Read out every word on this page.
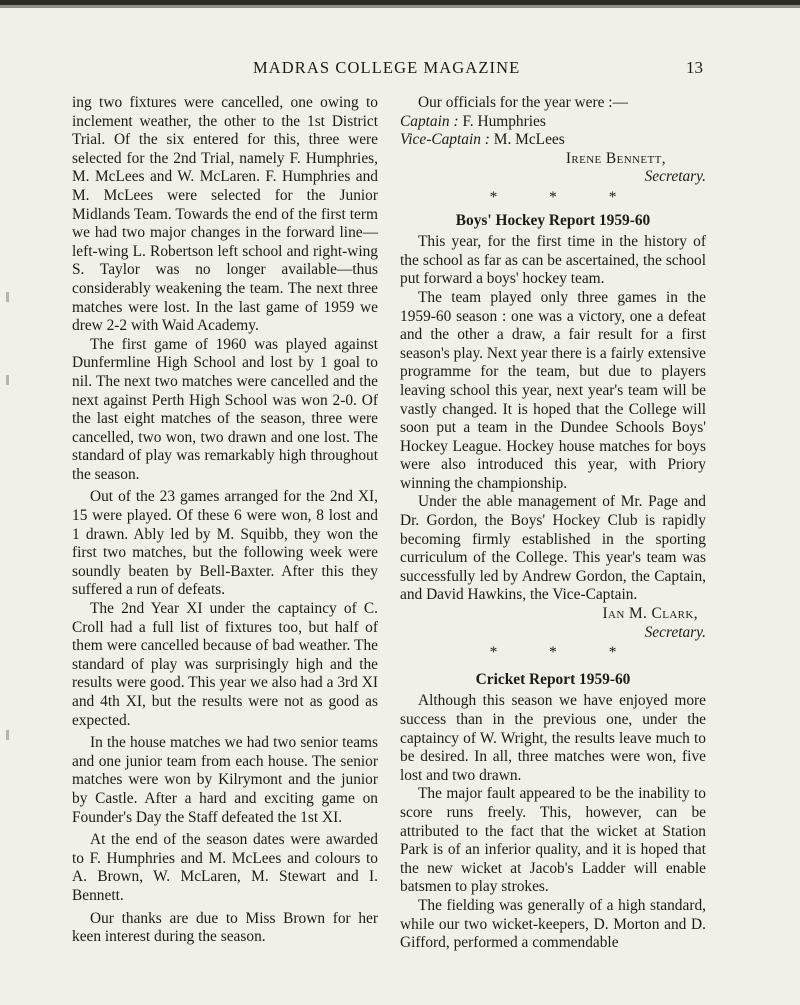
MADRAS COLLEGE MAGAZINE	13

ing two fixtures were cancelled, one owing to inclement weather, the other to the 1st District Trial. Of the six entered for this, three were selected for the 2nd Trial, namely F. Humphries, M. McLees and W. McLaren. F. Humphries and M. McLees were selected for the Junior Midlands Team. Towards the end of the first term we had two major changes in the forward line—left-wing L. Robertson left school and right-wing S. Taylor was no longer available—thus considerably weakening the team. The next three matches were lost. In the last game of 1959 we drew 2-2 with Waid Academy.

The first game of 1960 was played against Dunfermline High School and lost by 1 goal to nil. The next two matches were cancelled and the next against Perth High School was won 2-0. Of the last eight matches of the season, three were cancelled, two won, two drawn and one lost. The standard of play was remarkably high throughout the season.

Out of the 23 games arranged for the 2nd XI, 15 were played. Of these 6 were won, 8 lost and 1 drawn. Ably led by M. Squibb, they won the first two matches, but the following week were soundly beaten by Bell-Baxter. After this they suffered a run of defeats.

The 2nd Year XI under the captaincy of C. Croll had a full list of fixtures too, but half of them were cancelled because of bad weather. The standard of play was surprisingly high and the results were good. This year we also had a 3rd XI and 4th XI, but the results were not as good as expected.

In the house matches we had two senior teams and one junior team from each house. The senior matches were won by Kilrymont and the junior by Castle. After a hard and exciting game on Founder's Day the Staff defeated the 1st XI.

At the end of the season dates were awarded to F. Humphries and M. McLees and colours to A. Brown, W. McLaren, M. Stewart and I. Bennett.

Our thanks are due to Miss Brown for her keen interest during the season.

Our officials for the year were :—

Captain : F. Humphries
Vice-Captain : M. McLees
Irene Bennett,
Secretary.
* * *
Boys' Hockey Report 1959-60

This year, for the first time in the history of the school as far as can be ascertained, the school put forward a boys' hockey team.

The team played only three games in the 1959-60 season : one was a victory, one a defeat and the other a draw, a fair result for a first season's play. Next year there is a fairly extensive programme for the team, but due to players leaving school this year, next year's team will be vastly changed. It is hoped that the College will soon put a team in the Dundee Schools Boys' Hockey League. Hockey house matches for boys were also introduced this year, with Priory winning the championship.

Under the able management of Mr. Page and Dr. Gordon, the Boys' Hockey Club is rapidly becoming firmly established in the sporting curriculum of the College. This year's team was successfully led by Andrew Gordon, the Captain, and David Hawkins, the Vice-Captain.

Ian M. Clark,
Secretary.
* * *
Cricket Report 1959-60

Although this season we have enjoyed more success than in the previous one, under the captaincy of W. Wright, the results leave much to be desired. In all, three matches were won, five lost and two drawn.

The major fault appeared to be the inability to score runs freely. This, however, can be attributed to the fact that the wicket at Station Park is of an inferior quality, and it is hoped that the new wicket at Jacob's Ladder will enable batsmen to play strokes.

The fielding was generally of a high standard, while our two wicket-keepers, D. Morton and D. Gifford, performed a commendable
